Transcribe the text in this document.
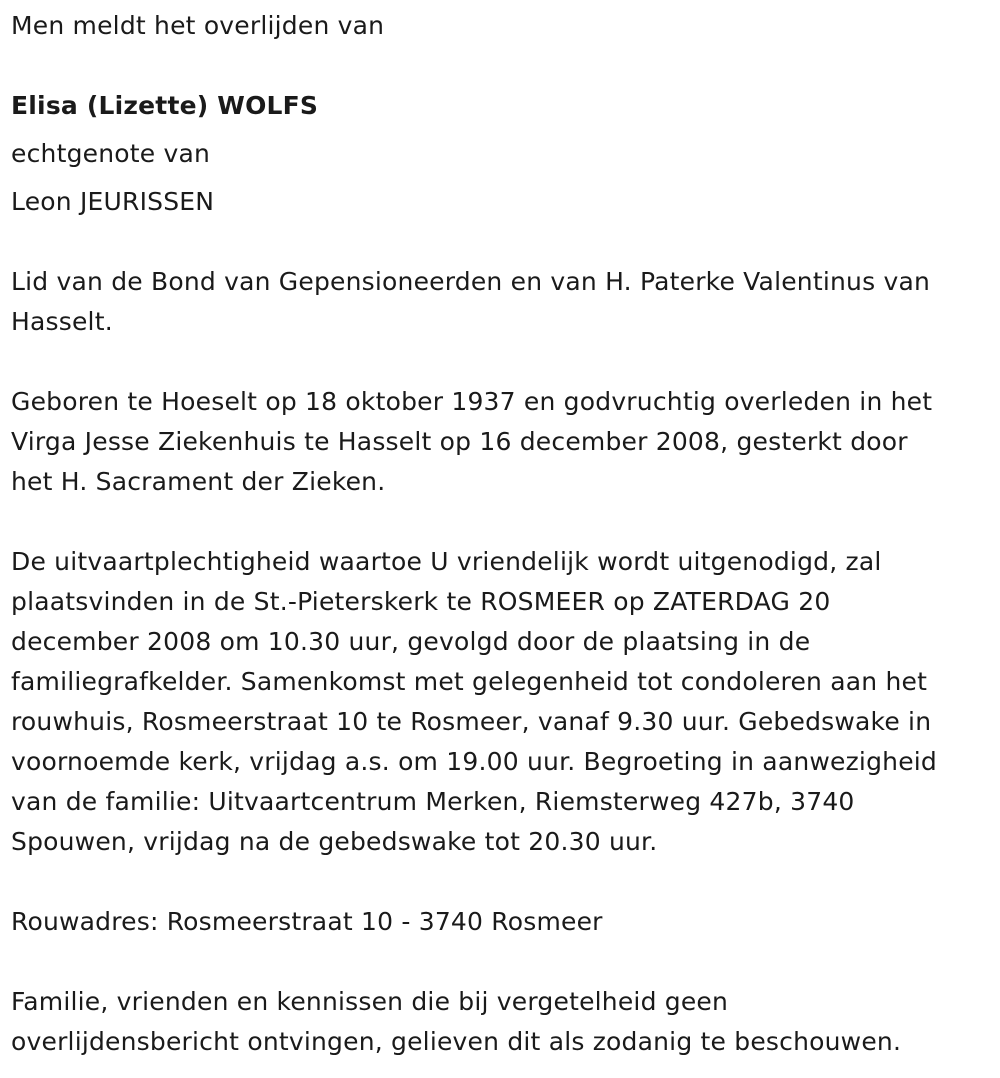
Men meldt het overlijden van
Elisa (Lizette) WOLFS
echtgenote van
Leon JEURISSEN
Lid van de Bond van Gepensioneerden en van H. Paterke Valentinus van
Hasselt.
Geboren te Hoeselt op 18 oktober 1937 en godvruchtig overleden in het
Virga Jesse Ziekenhuis te Hasselt op 16 december 2008, gesterkt door
het H. Sacrament der Zieken.
De uitvaartplechtigheid waartoe U vriendelijk wordt uitgenodigd, zal
plaatsvinden in de St.-Pieterskerk te ROSMEER op ZATERDAG 20
december 2008 om 10.30 uur, gevolgd door de plaatsing in de
familiegrafkelder. Samenkomst met gelegenheid tot condoleren aan het
rouwhuis, Rosmeerstraat 10 te Rosmeer, vanaf 9.30 uur. Gebedswake in
voornoemde kerk, vrijdag a.s. om 19.00 uur. Begroeting in aanwezigheid
van de familie: Uitvaartcentrum Merken, Riemsterweg 427b, 3740
Spouwen, vrijdag na de gebedswake tot 20.30 uur.
Rouwadres: Rosmeerstraat 10 - 3740 Rosmeer
Familie, vrienden en kennissen die bij vergetelheid geen
overlijdensbericht ontvingen, gelieven dit als zodanig te beschouwen.
